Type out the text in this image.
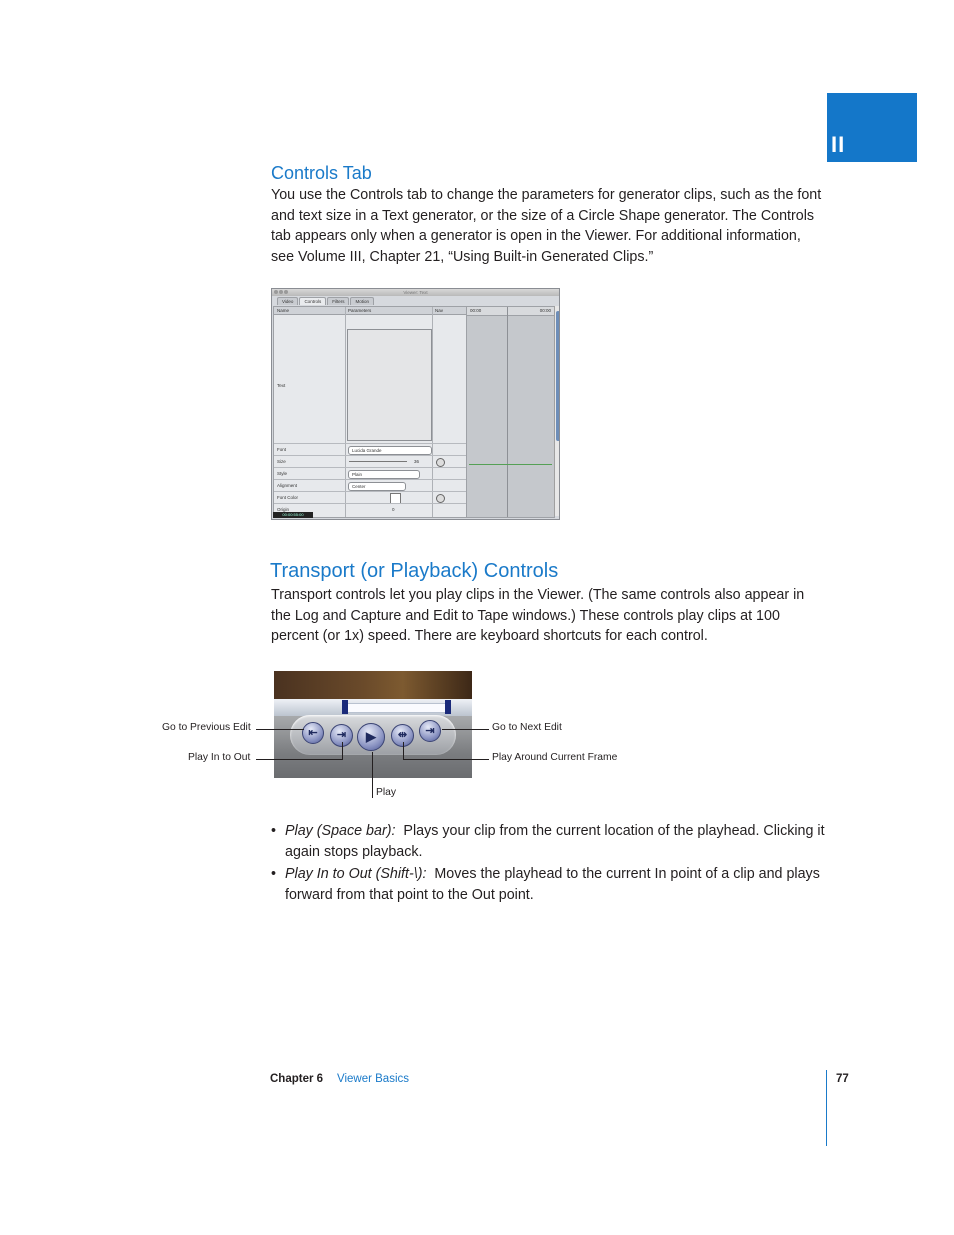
II
Controls Tab
You use the Controls tab to change the parameters for generator clips, such as the font and text size in a Text generator, or the size of a Circle Shape generator. The Controls tab appears only when a generator is open in the Viewer. For additional information, see Volume III, Chapter 21, “Using Built-in Generated Clips.”
Viewer: Text
Video Controls Filters Motion
Name	Parameters	Nav
Text
Font	Lucida Grande
Size	36
Style	Plain
Alignment	Center
Font Color
Origin	0
00:00	00:00
00:00:55:00
Transport (or Playback) Controls
Transport controls let you play clips in the Viewer. (The same controls also appear in the Log and Capture and Edit to Tape windows.) These controls play clips at 100 percent (or 1x) speed. There are keyboard shortcuts for each control.
⇤	⇥	▶	⇹	⇥
Go to Previous Edit
Play In to Out
Go to Next Edit
Play Around Current Frame
Play
• Play (Space bar): Plays your clip from the current location of the playhead. Clicking it again stops playback.
• Play In to Out (Shift-\): Moves the playhead to the current In point of a clip and plays forward from that point to the Out point.
Chapter 6 Viewer Basics	77
